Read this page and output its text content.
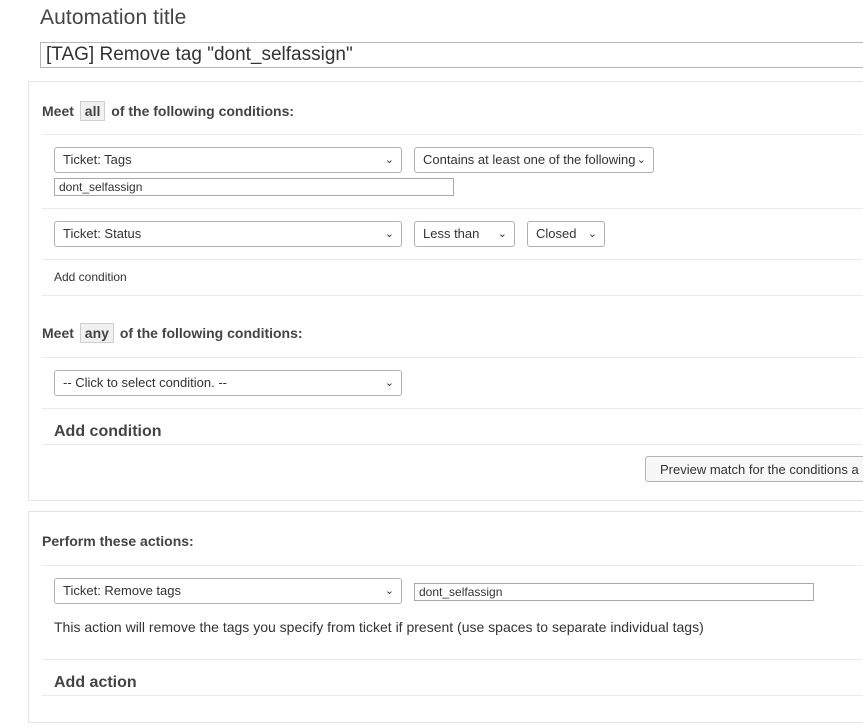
Automation title
[TAG] Remove tag "dont_selfassign"
Meet all of the following conditions:
Ticket: Tags	⌄	Contains at least one of the following ⌄
dont_selfassign
Ticket: Status	⌄	Less than ⌄	Closed ⌄
Add condition
Meet any of the following conditions:
-- Click to select condition. --	⌄
Add condition
Preview match for the conditions a
Perform these actions:
Ticket: Remove tags	⌄
dont_selfassign
This action will remove the tags you specify from ticket if present (use spaces to separate individual tags)
Add action
